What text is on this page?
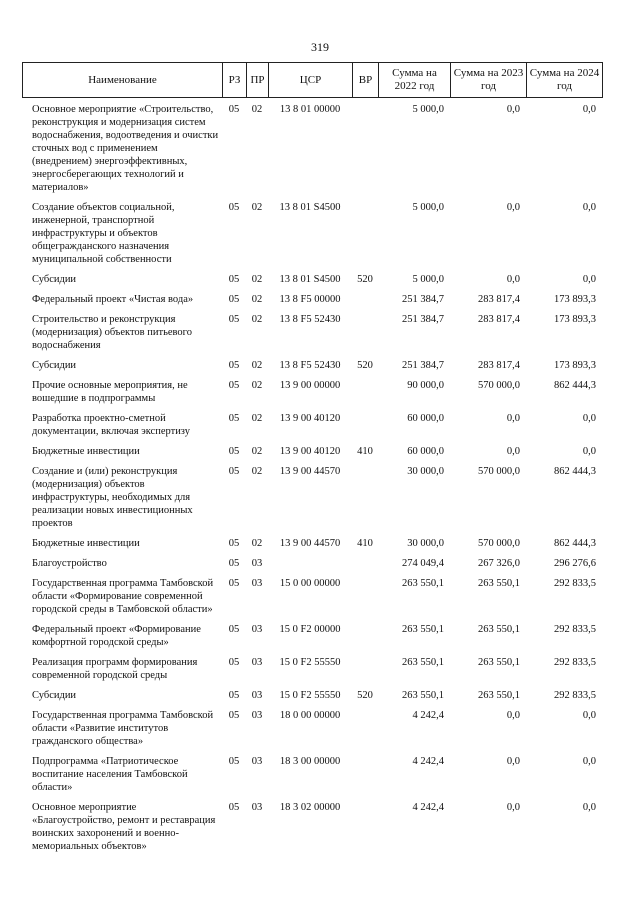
319
Наименование	РЗ	ПР	ЦСР	ВР	Сумма на 2022 год	Сумма на 2023 год	Сумма на 2024 год
Основное мероприятие «Строительство, реконструкция и модернизация систем водоснабжения, водоотведения и очистки сточных вод с применением (внедрением) энергоэффективных, энергосберегающих технологий и материалов»	05	02	13 8 01 00000		5 000,0	0,0	0,0
Создание объектов социальной, инженерной, транспортной инфраструктуры и объектов общегражданского назначения муниципальной собственности	05	02	13 8 01 S4500		5 000,0	0,0	0,0
Субсидии	05	02	13 8 01 S4500	520	5 000,0	0,0	0,0
Федеральный проект «Чистая вода»	05	02	13 8 F5 00000		251 384,7	283 817,4	173 893,3
Строительство и реконструкция (модернизация) объектов питьевого водоснабжения	05	02	13 8 F5 52430		251 384,7	283 817,4	173 893,3
Субсидии	05	02	13 8 F5 52430	520	251 384,7	283 817,4	173 893,3
Прочие основные мероприятия, не вошедшие в подпрограммы	05	02	13 9 00 00000		90 000,0	570 000,0	862 444,3
Разработка проектно-сметной документации, включая экспертизу	05	02	13 9 00 40120		60 000,0	0,0	0,0
Бюджетные инвестиции	05	02	13 9 00 40120	410	60 000,0	0,0	0,0
Создание и (или) реконструкция (модернизация) объектов инфраструктуры, необходимых для реализации новых инвестиционных проектов	05	02	13 9 00 44570		30 000,0	570 000,0	862 444,3
Бюджетные инвестиции	05	02	13 9 00 44570	410	30 000,0	570 000,0	862 444,3
Благоустройство	05	03			274 049,4	267 326,0	296 276,6
Государственная программа Тамбовской области «Формирование современной городской среды в Тамбовской области»	05	03	15 0 00 00000		263 550,1	263 550,1	292 833,5
Федеральный проект «Формирование комфортной городской среды»	05	03	15 0 F2 00000		263 550,1	263 550,1	292 833,5
Реализация программ формирования современной городской среды	05	03	15 0 F2 55550		263 550,1	263 550,1	292 833,5
Субсидии	05	03	15 0 F2 55550	520	263 550,1	263 550,1	292 833,5
Государственная программа Тамбовской области «Развитие институтов гражданского общества»	05	03	18 0 00 00000		4 242,4	0,0	0,0
Подпрограмма «Патриотическое воспитание населения Тамбовской области»	05	03	18 3 00 00000		4 242,4	0,0	0,0
Основное мероприятие «Благоустройство, ремонт и реставрация воинских захоронений и военно-мемориальных объектов»	05	03	18 3 02 00000		4 242,4	0,0	0,0
